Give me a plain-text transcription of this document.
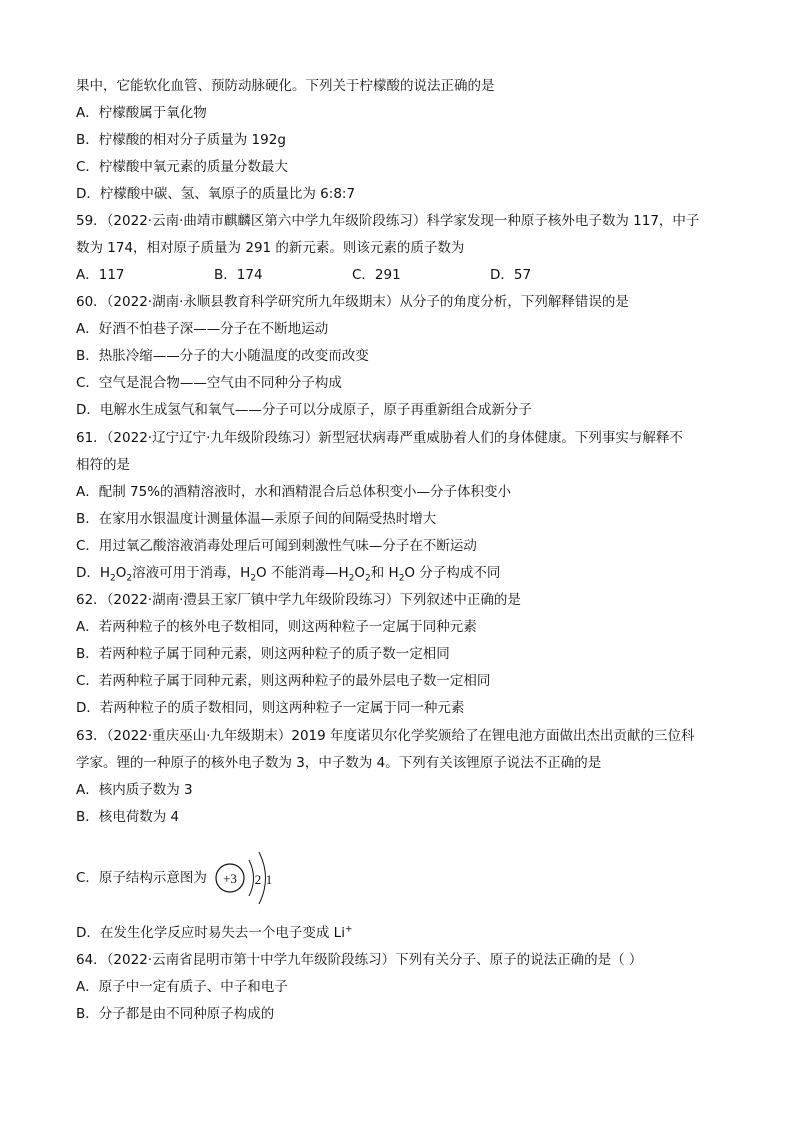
果中，它能软化血管、预防动脉硬化。下列关于柠檬酸的说法正确的是
A．柠檬酸属于氧化物
B．柠檬酸的相对分子质量为 192g
C．柠檬酸中氧元素的质量分数最大
D．柠檬酸中碳、氢、氧原子的质量比为 6:8:7
59．（2022·云南·曲靖市麒麟区第六中学九年级阶段练习）科学家发现一种原子核外电子数为 117，中子
数为 174，相对原子质量为 291 的新元素。则该元素的质子数为
A．117	B．174	C．291	D．57
60．（2022·湖南·永顺县教育科学研究所九年级期末）从分子的角度分析，下列解释错误的是
A．好酒不怕巷子深——分子在不断地运动
B．热胀冷缩——分子的大小随温度的改变而改变
C．空气是混合物——空气由不同种分子构成
D．电解水生成氢气和氧气——分子可以分成原子，原子再重新组合成新分子
61．（2022·辽宁辽宁·九年级阶段练习）新型冠状病毒严重威胁着人们的身体健康。下列事实与解释不
相符的是
A．配制 75%的酒精溶液时，水和酒精混合后总体积变小—分子体积变小
B．在家用水银温度计测量体温—汞原子间的间隔受热时增大
C．用过氧乙酸溶液消毒处理后可闻到刺激性气味—分子在不断运动
D．$H_2O_2$溶液可用于消毒，$H_2O$ 不能消毒$—H_2O_2$和 $H_2O$ 分子构成不同
62．（2022·湖南·澧县王家厂镇中学九年级阶段练习）下列叙述中正确的是
A．若两种粒子的核外电子数相同，则这两种粒子一定属于同种元素
B．若两种粒子属于同种元素，则这两种粒子的质子数一定相同
C．若两种粒子属于同种元素，则这两种粒子的最外层电子数一定相同
D．若两种粒子的质子数相同，则这两种粒子一定属于同一种元素
63．（2022·重庆巫山·九年级期末）2019 年度诺贝尔化学奖颁给了在锂电池方面做出杰出贡献的三位科
学家。锂的一种原子的核外电子数为 3，中子数为 4。下列有关该锂原子说法不正确的是
A．核内质子数为 3
B．核电荷数为 4
C．原子结构示意图为 +3 2 1
D．在发生化学反应时易失去一个电子变成 Li+
64．（2022·云南省昆明市第十中学九年级阶段练习）下列有关分子、原子的说法正确的是（ ）
A．原子中一定有质子、中子和电子
B．分子都是由不同种原子构成的
